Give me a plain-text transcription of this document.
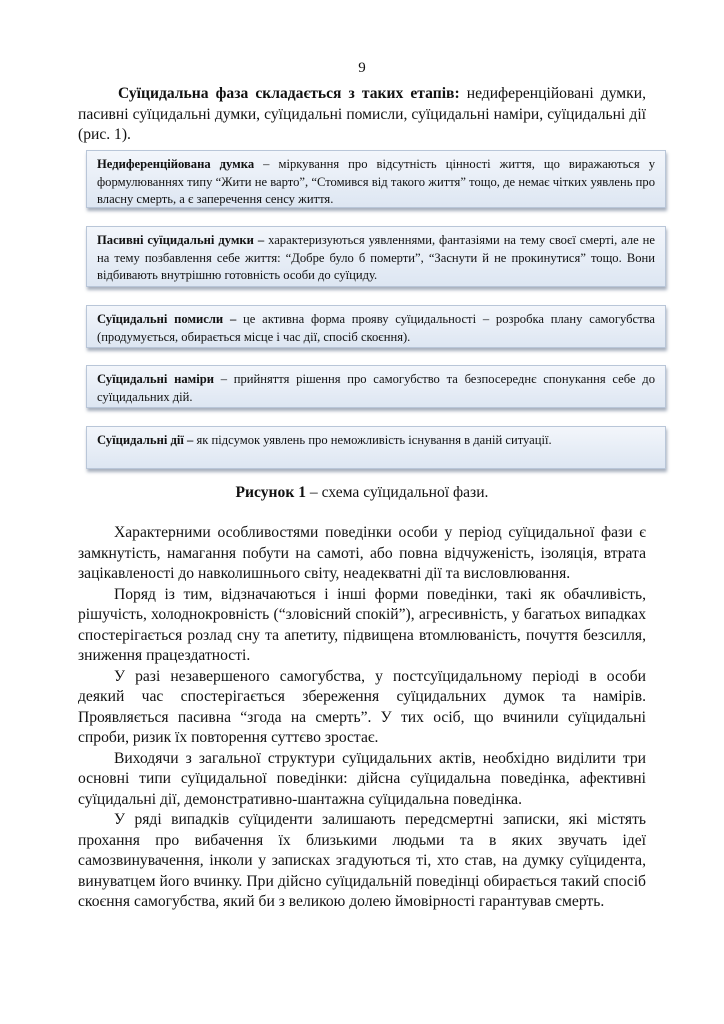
9

Суїцидальна фаза складається з таких етапів: недиференційовані думки, пасивні суїцидальні думки, суїцидальні помисли, суїцидальні наміри, суїцидальні дії (рис. 1).

Недиференційована думка – міркування про відсутність цінності життя, що виражаються у формулюваннях типу “Жити не варто”, “Стомився від такого життя” тощо, де немає чітких уявлень про власну смерть, а є заперечення сенсу життя.
Пасивні суїцидальні думки – характеризуються уявленнями, фантазіями на тему своєї смерті, але не на тему позбавлення себе життя: “Добре було б померти”, “Заснути й не прокинутися” тощо. Вони відбивають внутрішню готовність особи до суїциду.
Суїцидальні помисли – це активна форма прояву суїцидальності – розробка плану самогубства (продумується, обирається місце і час дії, спосіб скоєння).
Суїцидальні наміри – прийняття рішення про самогубство та безпосереднє спонукання себе до суїцидальних дій.
Суїцидальні дії – як підсумок уявлень про неможливість існування в даній ситуації.
Рисунок 1 – схема суїцидальної фази.

Характерними особливостями поведінки особи у період суїцидальної фази є замкнутість, намагання побути на самоті, або повна відчуженість, ізоляція, втрата зацікавленості до навколишнього світу, неадекватні дії та висловлювання.

Поряд із тим, відзначаються і інші форми поведінки, такі як обачливість, рішучість, холоднокровність (“зловісний спокій”), агресивність, у багатьох випадках спостерігається розлад сну та апетиту, підвищена втомлюваність, почуття безсилля, зниження працездатності.

У разі незавершеного самогубства, у постсуїцидальному періоді в особи деякий час спостерігається збереження суїцидальних думок та намірів. Проявляється пасивна “згода на смерть”. У тих осіб, що вчинили суїцидальні спроби, ризик їх повторення суттєво зростає.

Виходячи з загальної структури суїцидальних актів, необхідно виділити три основні типи суїцидальної поведінки: дійсна суїцидальна поведінка, афективні суїцидальні дії, демонстративно-шантажна суїцидальна поведінка.

У ряді випадків суїциденти залишають передсмертні записки, які містять прохання про вибачення їх близькими людьми та в яких звучать ідеї самозвинувачення, інколи у записках згадуються ті, хто став, на думку суїцидента, винуватцем його вчинку. При дійсно суїцидальній поведінці обирається такий спосіб скоєння самогубства, який би з великою долею ймовірності гарантував смерть.
